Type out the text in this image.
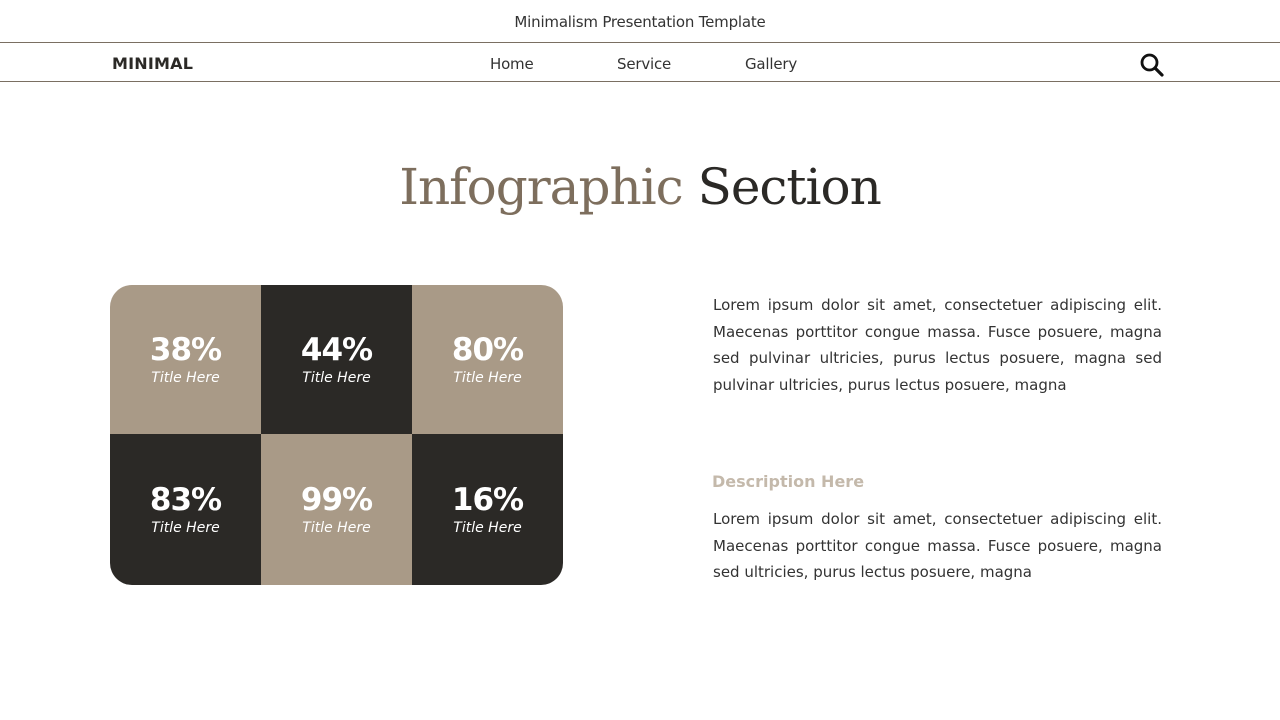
Minimalism Presentation Template
MINIMAL	Home	Service	Gallery
Infographic Section
38%
Title Here
44%
Title Here
80%
Title Here
83%
Title Here
99%
Title Here
16%
Title Here

Lorem ipsum dolor sit amet, consectetuer adipiscing elit. Maecenas porttitor congue massa. Fusce posuere, magna sed pulvinar ultricies, purus lectus posuere, magna sed pulvinar ultricies, purus lectus posuere, magna

Description Here

Lorem ipsum dolor sit amet, consectetuer adipiscing elit. Maecenas porttitor congue massa. Fusce posuere, magna sed ultricies, purus lectus posuere, magna
